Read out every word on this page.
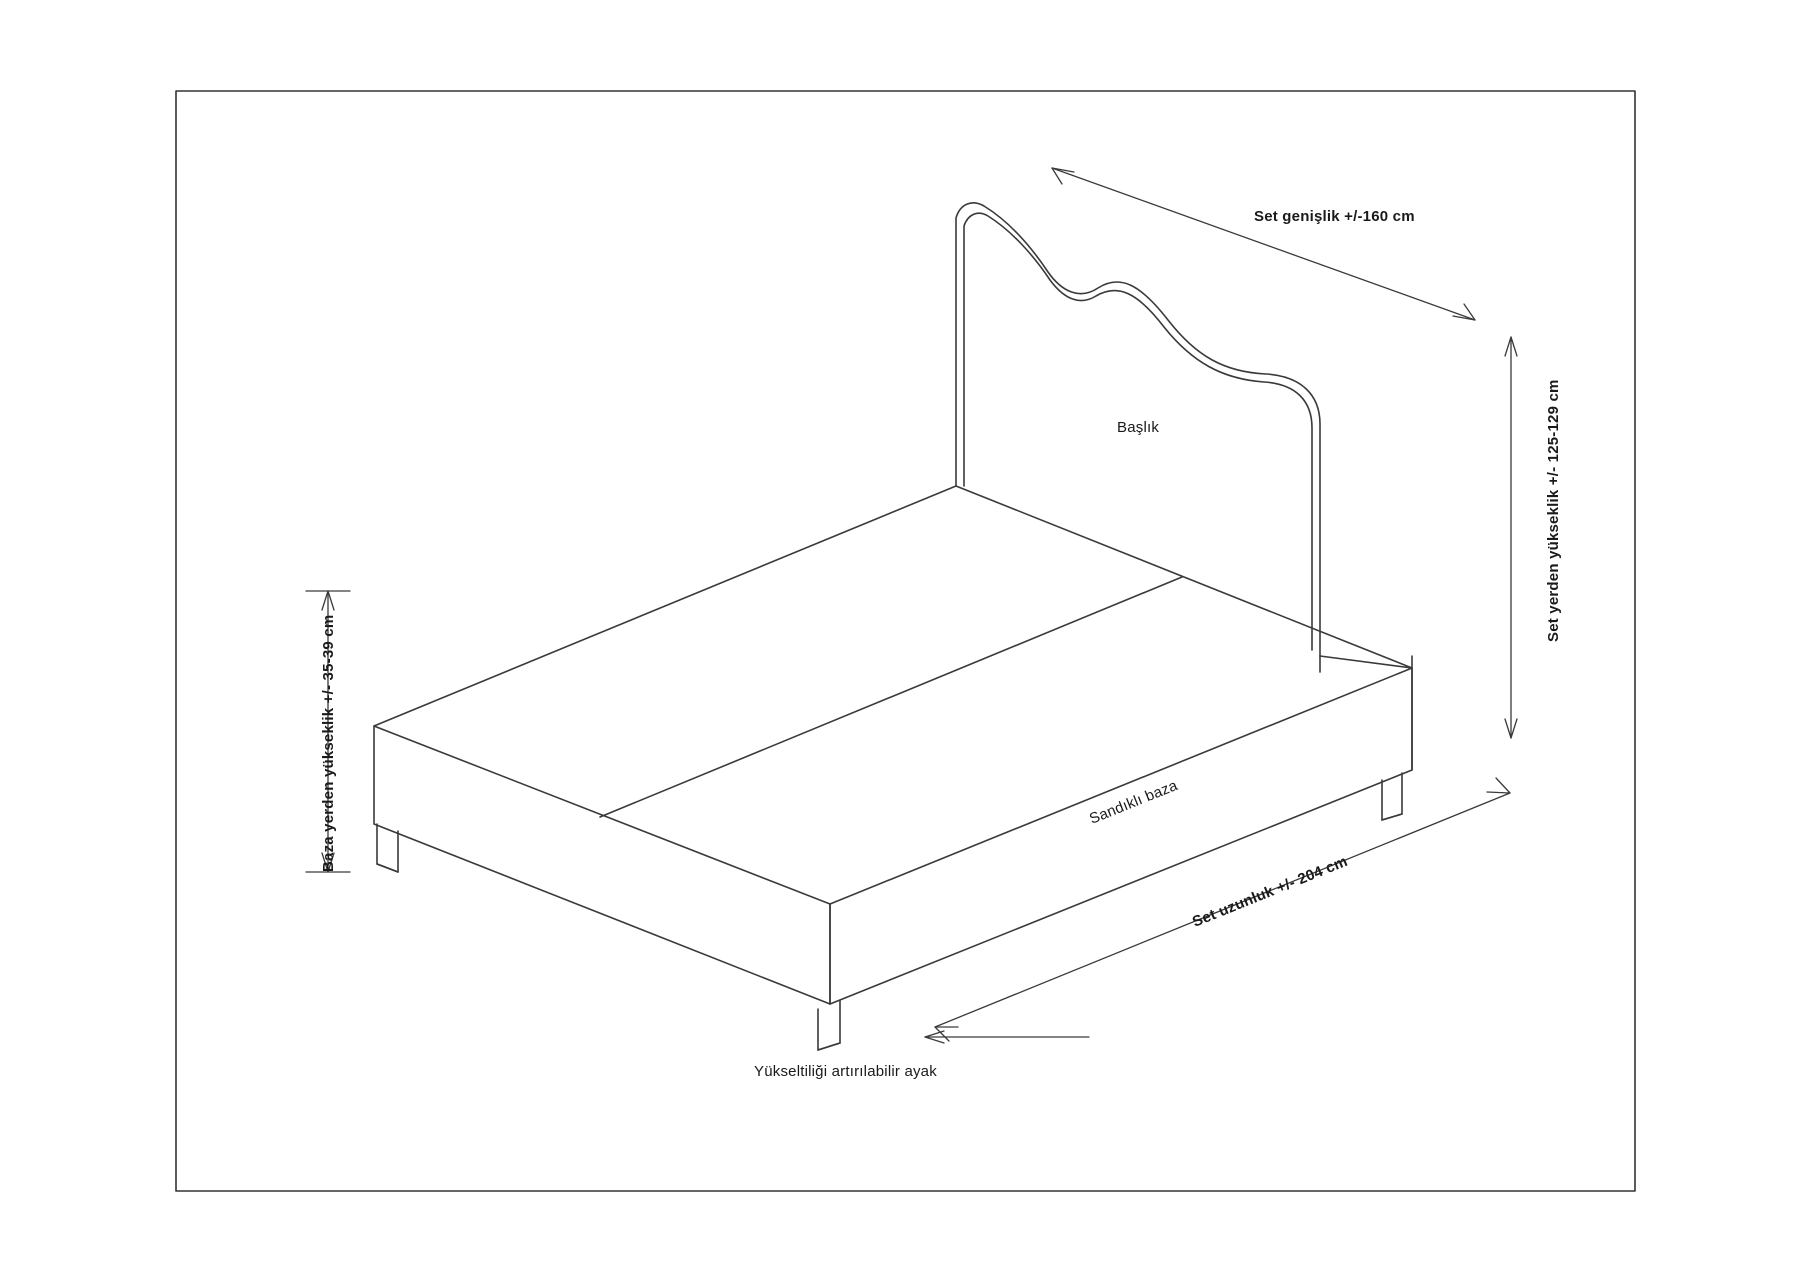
Set genişlik +/-160 cm
Set yerden yükseklik +/- 125-129 cm
Baza yerden yükseklik +/- 35-39 cm
Set uzunluk +/- 204 cm
Başlık
Sandıklı baza
Yükseltiliği artırılabilir ayak
